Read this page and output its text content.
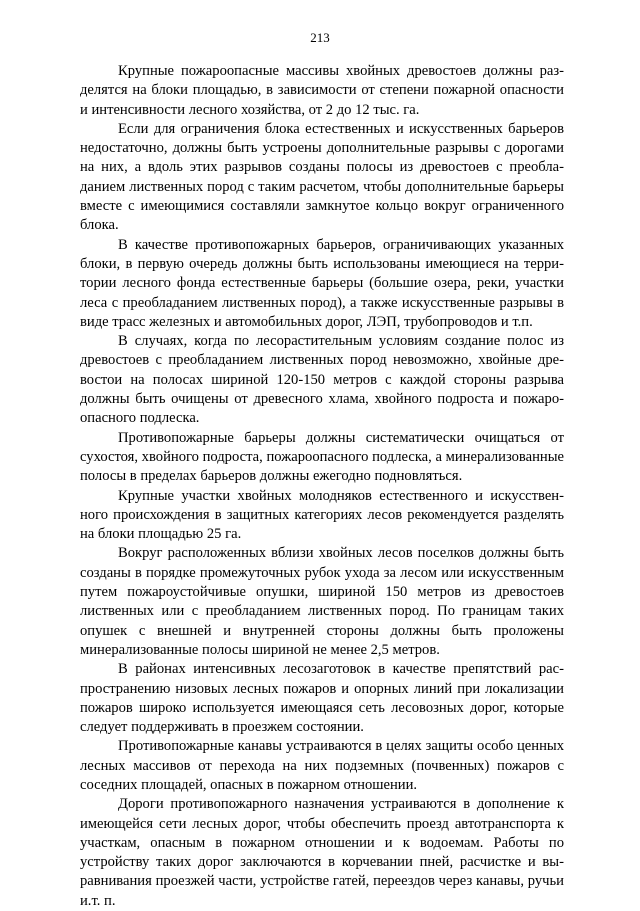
213

Крупные пожароопасные массивы хвойных древостоев должны разделятся на блоки площадью, в зависимости от степени пожарной опасности и интенсивности лесного хозяйства, от 2 до 12 тыс. га.

Если для ограничения блока естественных и искусственных барьеров недостаточно, должны быть устроены дополнительные разрывы с дорогами на них, а вдоль этих разрывов созданы полосы из древостоев с преобладанием лиственных пород с таким расчетом, чтобы дополнительные барьеры вместе с имеющимися составляли замкнутое кольцо вокруг ограниченного блока.

В качестве противопожарных барьеров, ограничивающих указанных блоки, в первую очередь должны быть использованы имеющиеся на территории лесного фонда естественные барьеры (большие озера, реки, участки леса с преобладанием лиственных пород), а также искусственные разрывы в виде трасс железных и автомобильных дорог, ЛЭП, трубопроводов и т.п.

В случаях, когда по лесорастительным условиям создание полос из древостоев с преобладанием лиственных пород невозможно, хвойные древостои на полосах шириной 120-150 метров с каждой стороны разрыва должны быть очищены от древесного хлама, хвойного подроста и пожароопасного подлеска.

Противопожарные барьеры должны систематически очищаться от сухостоя, хвойного подроста, пожароопасного подлеска, а минерализованные полосы в пределах барьеров должны ежегодно подновляться.

Крупные участки хвойных молодняков естественного и искусственного происхождения в защитных категориях лесов рекомендуется разделять на блоки площадью 25 га.

Вокруг расположенных вблизи хвойных лесов поселков должны быть созданы в порядке промежуточных рубок ухода за лесом или искусственным путем пожароустойчивые опушки, шириной 150 метров из древостоев лиственных или с преобладанием лиственных пород. По границам таких опушек с внешней и внутренней стороны должны быть проложены минерализованные полосы шириной не менее 2,5 метров.

В районах интенсивных лесозаготовок в качестве препятствий распространению низовых лесных пожаров и опорных линий при локализации пожаров широко используется имеющаяся сеть лесовозных дорог, которые следует поддерживать в проезжем состоянии.

Противопожарные канавы устраиваются в целях защиты особо ценных лесных массивов от перехода на них подземных (почвенных) пожаров с соседних площадей, опасных в пожарном отношении.

Дороги противопожарного назначения устраиваются в дополнение к имеющейся сети лесных дорог, чтобы обеспечить проезд автотранспорта к участкам, опасным в пожарном отношении и к водоемам. Работы по устройству таких дорог заключаются в корчевании пней, расчистке и выравнивания проезжей части, устройстве гатей, переездов через канавы, ручьи и.т. п.
